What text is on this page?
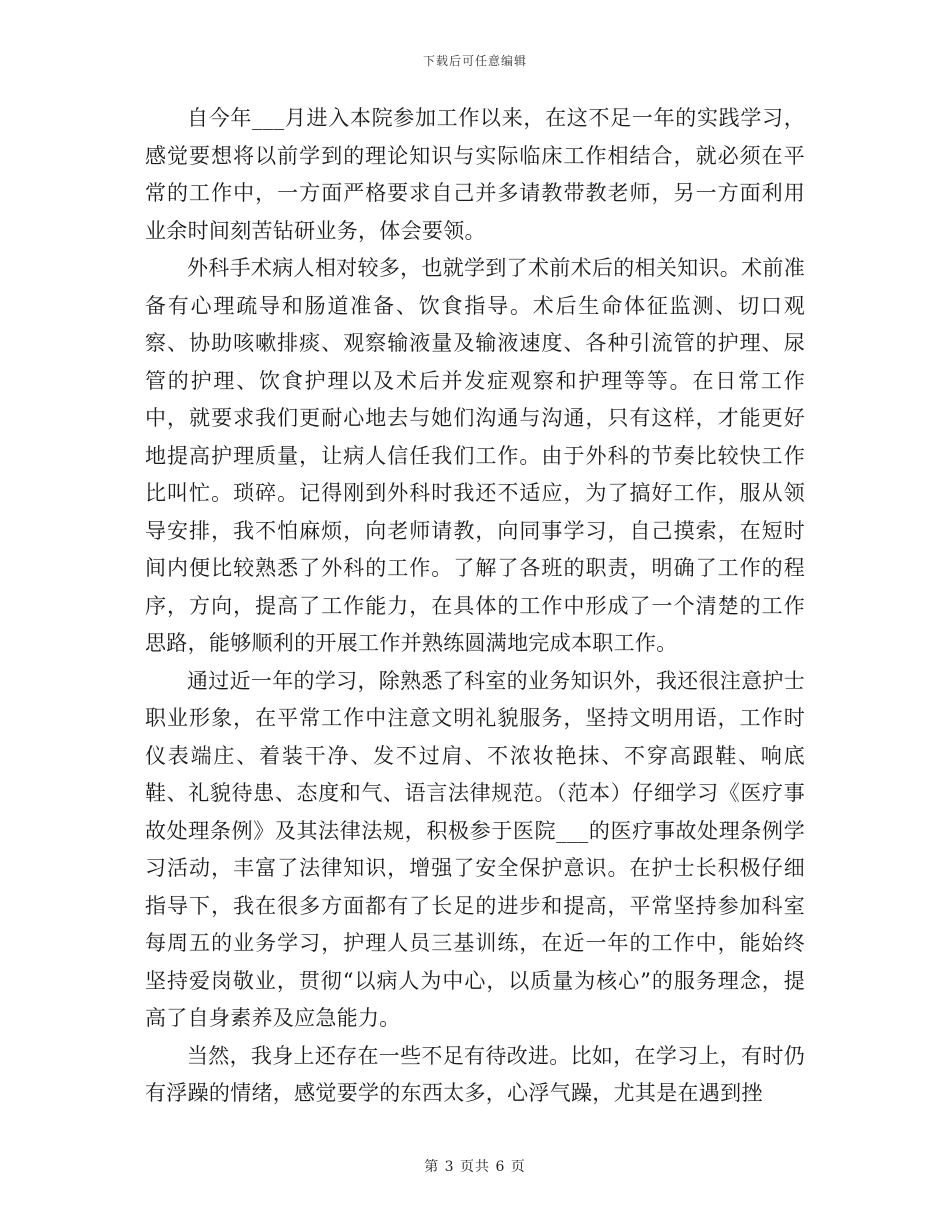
下载后可任意编辑

自今年___月进入本院参加工作以来，在这不足一年的实践学习，感觉要想将以前学到的理论知识与实际临床工作相结合，就必须在平常的工作中，一方面严格要求自己并多请教带教老师，另一方面利用业余时间刻苦钻研业务，体会要领。

外科手术病人相对较多，也就学到了术前术后的相关知识。术前准备有心理疏导和肠道准备、饮食指导。术后生命体征监测、切口观察、协助咳嗽排痰、观察输液量及输液速度、各种引流管的护理、尿管的护理、饮食护理以及术后并发症观察和护理等等。在日常工作中，就要求我们更耐心地去与她们沟通与沟通，只有这样，才能更好地提高护理质量，让病人信任我们工作。由于外科的节奏比较快工作比叫忙。琐碎。记得刚到外科时我还不适应，为了搞好工作，服从领导安排，我不怕麻烦，向老师请教，向同事学习，自己摸索，在短时间内便比较熟悉了外科的工作。了解了各班的职责，明确了工作的程序，方向，提高了工作能力，在具体的工作中形成了一个清楚的工作思路，能够顺利的开展工作并熟练圆满地完成本职工作。

通过近一年的学习，除熟悉了科室的业务知识外，我还很注意护士职业形象，在平常工作中注意文明礼貌服务，坚持文明用语，工作时仪表端庄、着装干净、发不过肩、不浓妆艳抹、不穿高跟鞋、响底鞋、礼貌待患、态度和气、语言法律规范。（范本）仔细学习《医疗事故处理条例》及其法律法规，积极参于医院___的医疗事故处理条例学习活动，丰富了法律知识，增强了安全保护意识。在护士长积极仔细指导下，我在很多方面都有了长足的进步和提高，平常坚持参加科室每周五的业务学习，护理人员三基训练，在近一年的工作中，能始终坚持爱岗敬业，贯彻“以病人为中心，以质量为核心”的服务理念，提高了自身素养及应急能力。

当然，我身上还存在一些不足有待改进。比如，在学习上，有时仍有浮躁的情绪，感觉要学的东西太多，心浮气躁，尤其是在遇到挫

第 3 页共 6 页
